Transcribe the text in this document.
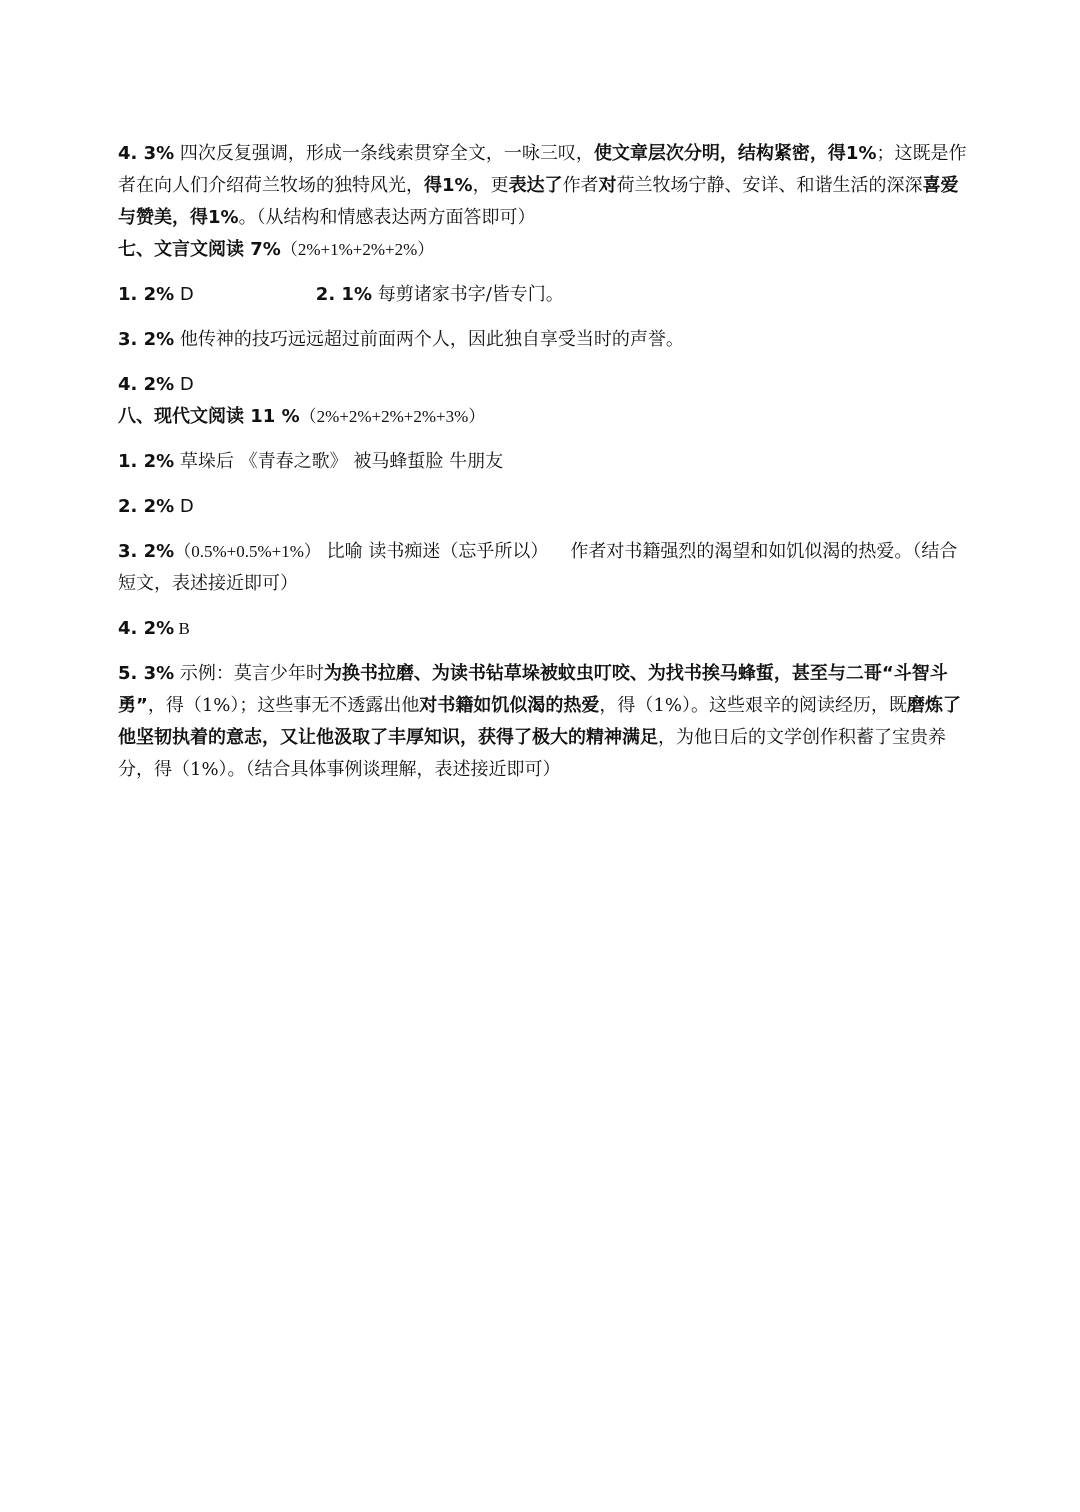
4. 3% 四次反复强调，形成一条线索贯穿全文，一咏三叹，使文章层次分明，结构紧密，得1%；这既是作者在向人们介绍荷兰牧场的独特风光，得1%，更表达了作者对荷兰牧场宁静、安详、和谐生活的深深喜爱与赞美，得1%。（从结构和情感表达两方面答即可）

七、文言文阅读 7%（2%+1%+2%+2%）

1. 2% D	2. 1% 每剪诸家书字/皆专门。

3. 2% 他传神的技巧远远超过前面两个人，因此独自享受当时的声誉。

4. 2% D

八、现代文阅读 11 %（2%+2%+2%+2%+3%）

1. 2% 草垛后 《青春之歌》 被马蜂蜇脸 牛朋友

2. 2% D

3. 2%（0.5%+0.5%+1%） 比喻 读书痴迷（忘乎所以） 作者对书籍强烈的渴望和如饥似渴的热爱。（结合短文，表述接近即可）

4. 2% B

5. 3% 示例：莫言少年时为换书拉磨、为读书钻草垛被蚊虫叮咬、为找书挨马蜂蜇，甚至与二哥“斗智斗勇”，得（1%）；这些事无不透露出他对书籍如饥似渴的热爱，得（1%）。这些艰辛的阅读经历，既磨炼了他坚韧执着的意志，又让他汲取了丰厚知识，获得了极大的精神满足，为他日后的文学创作积蓄了宝贵养分，得（1%）。（结合具体事例谈理解，表述接近即可）
